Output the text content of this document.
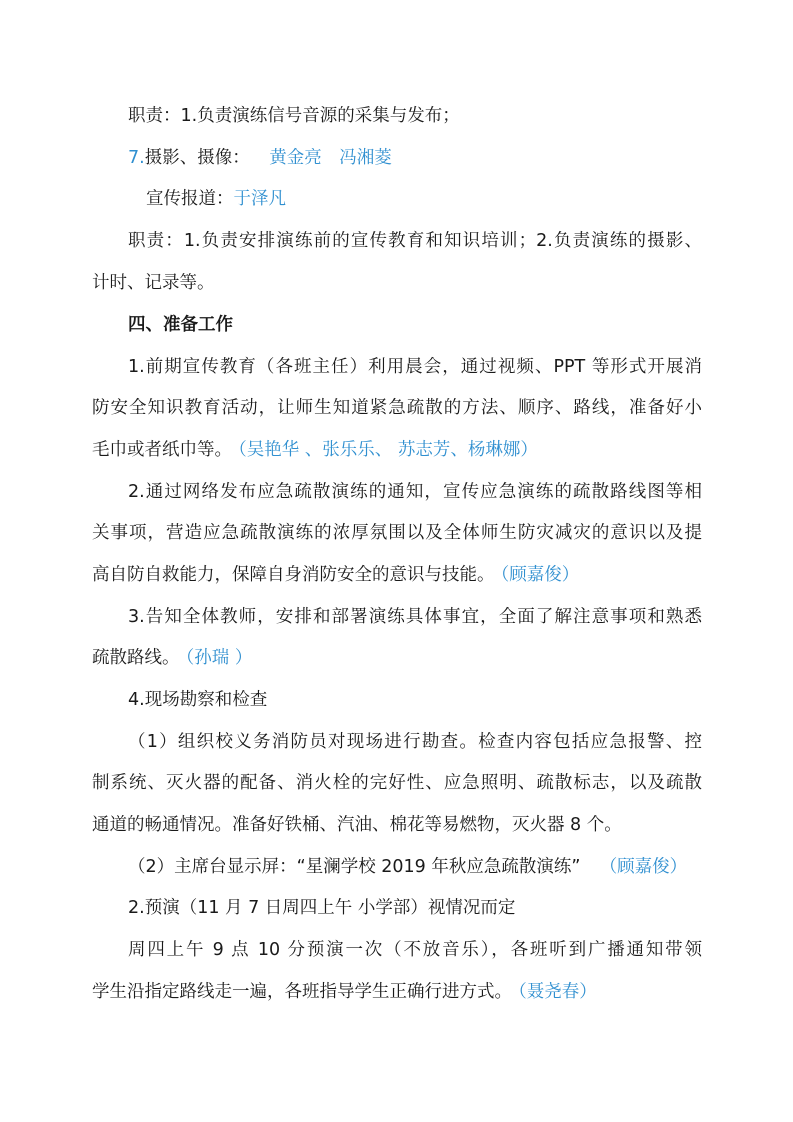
职责：1.负责演练信号音源的采集与发布；
7.摄影、摄像： 黄金亮　冯湘菱
宣传报道：于泽凡
职责：1.负责安排演练前的宣传教育和知识培训；2.负责演练的摄影、
计时、记录等。
四、准备工作
1.前期宣传教育（各班主任）利用晨会，通过视频、PPT 等形式开展消
防安全知识教育活动，让师生知道紧急疏散的方法、顺序、路线，准备好小
毛巾或者纸巾等。 （吴艳华 、张乐乐、 苏志芳、杨琳娜）
2.通过网络发布应急疏散演练的通知，宣传应急演练的疏散路线图等相
关事项，营造应急疏散演练的浓厚氛围以及全体师生防灾减灾的意识以及提
高自防自救能力，保障自身消防安全的意识与技能。 （顾嘉俊）
3.告知全体教师，安排和部署演练具体事宜，全面了解注意事项和熟悉
疏散路线。 （孙瑞 ）
4.现场勘察和检查
（1）组织校义务消防员对现场进行勘查。检查内容包括应急报警、控
制系统、灭火器的配备、消火栓的完好性、应急照明、疏散标志，以及疏散
通道的畅通情况。准备好铁桶、汽油、棉花等易燃物，灭火器 8 个。
（2）主席台显示屏：“星澜学校 2019 年秋应急疏散演练” （顾嘉俊）
2.预演（11 月 7 日周四上午 小学部）视情况而定
周四上午 9 点 10 分预演一次（不放音乐），各班听到广播通知带领
学生沿指定路线走一遍，各班指导学生正确行进方式。 （聂尧春）
